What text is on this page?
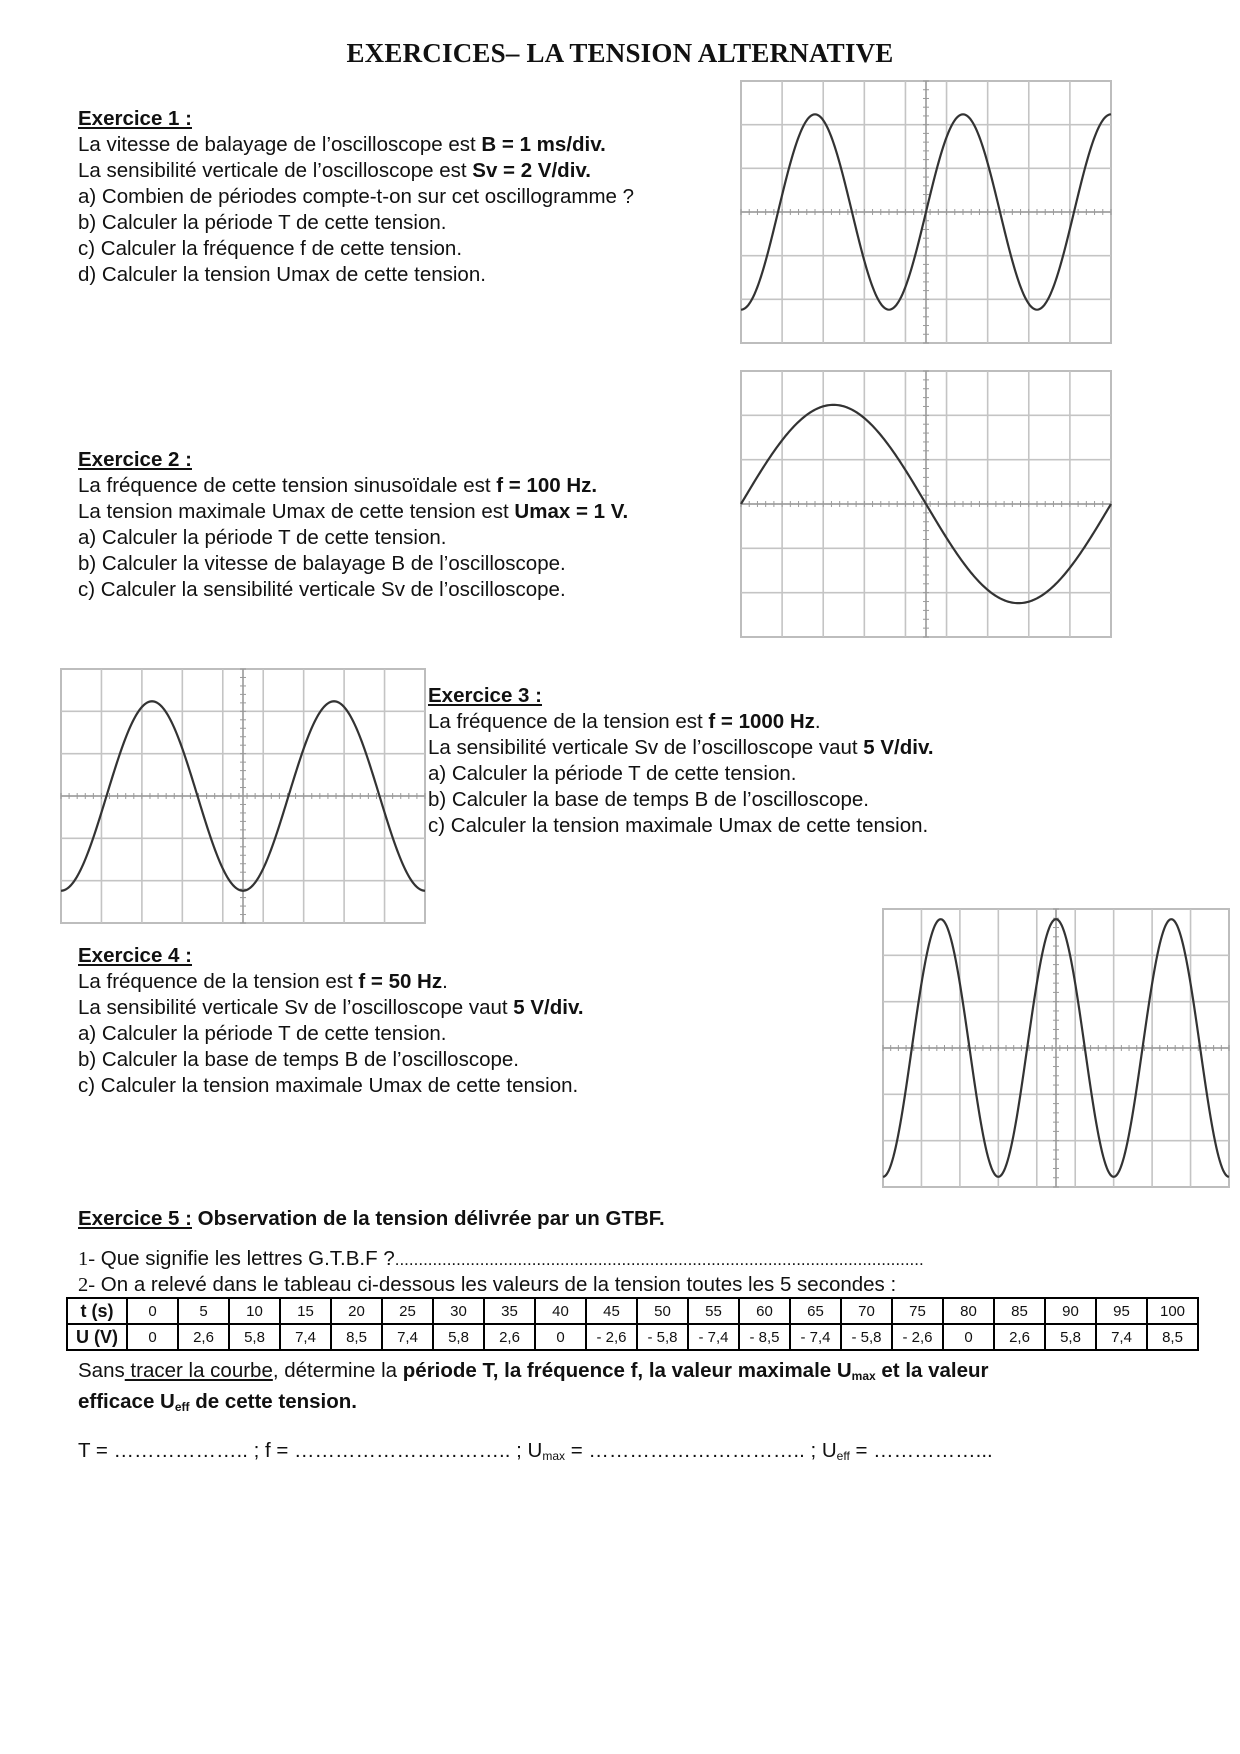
EXERCICES– LA TENSION ALTERNATIVE
Exercice 1 :
La vitesse de balayage de l’oscilloscope est B = 1 ms/div.
La sensibilité verticale de l’oscilloscope est Sv = 2 V/div.
a) Combien de périodes compte-t-on sur cet oscillogramme ?
b) Calculer la période T de cette tension.
c) Calculer la fréquence f de cette tension.
d) Calculer la tension Umax de cette tension.
Exercice 2 :
La fréquence de cette tension sinusoïdale est f = 100 Hz.
La tension maximale Umax de cette tension est Umax = 1 V.
a) Calculer la période T de cette tension.
b) Calculer la vitesse de balayage B de l’oscilloscope.
c) Calculer la sensibilité verticale Sv de l’oscilloscope.
Exercice 3 :
La fréquence de la tension est f = 1000 Hz.
La sensibilité verticale Sv de l’oscilloscope vaut 5 V/div.
a) Calculer la période T de cette tension.
b) Calculer la base de temps B de l’oscilloscope.
c) Calculer la tension maximale Umax de cette tension.
Exercice 4 :
La fréquence de la tension est f = 50 Hz.
La sensibilité verticale Sv de l’oscilloscope vaut 5 V/div.
a) Calculer la période T de cette tension.
b) Calculer la base de temps B de l’oscilloscope.
c) Calculer la tension maximale Umax de cette tension.
Exercice 5 : Observation de la tension délivrée par un GTBF.
1- Que signifie les lettres G.T.B.F ?................................................................................................................
2- On a relevé dans le tableau ci-dessous les valeurs de la tension toutes les 5 secondes :
t (s)	0	5	10	15	20	25	30	35	40	45	50	55	60	65	70	75	80	85	90	95	100
U (V)	0	2,6	5,8	7,4	8,5	7,4	5,8	2,6	0	- 2,6	- 5,8	- 7,4	- 8,5	- 7,4	- 5,8	- 2,6	0	2,6	5,8	7,4	8,5
Sans tracer la courbe, détermine la période T, la fréquence f, la valeur maximale $U_{max}$ et la valeur
efficace $U_{eff}$ de cette tension.
T = ……………….. ; f = ………………………….. ; $U_{max}$ = ………………………….. ; $U_{eff}$ = ……………...
